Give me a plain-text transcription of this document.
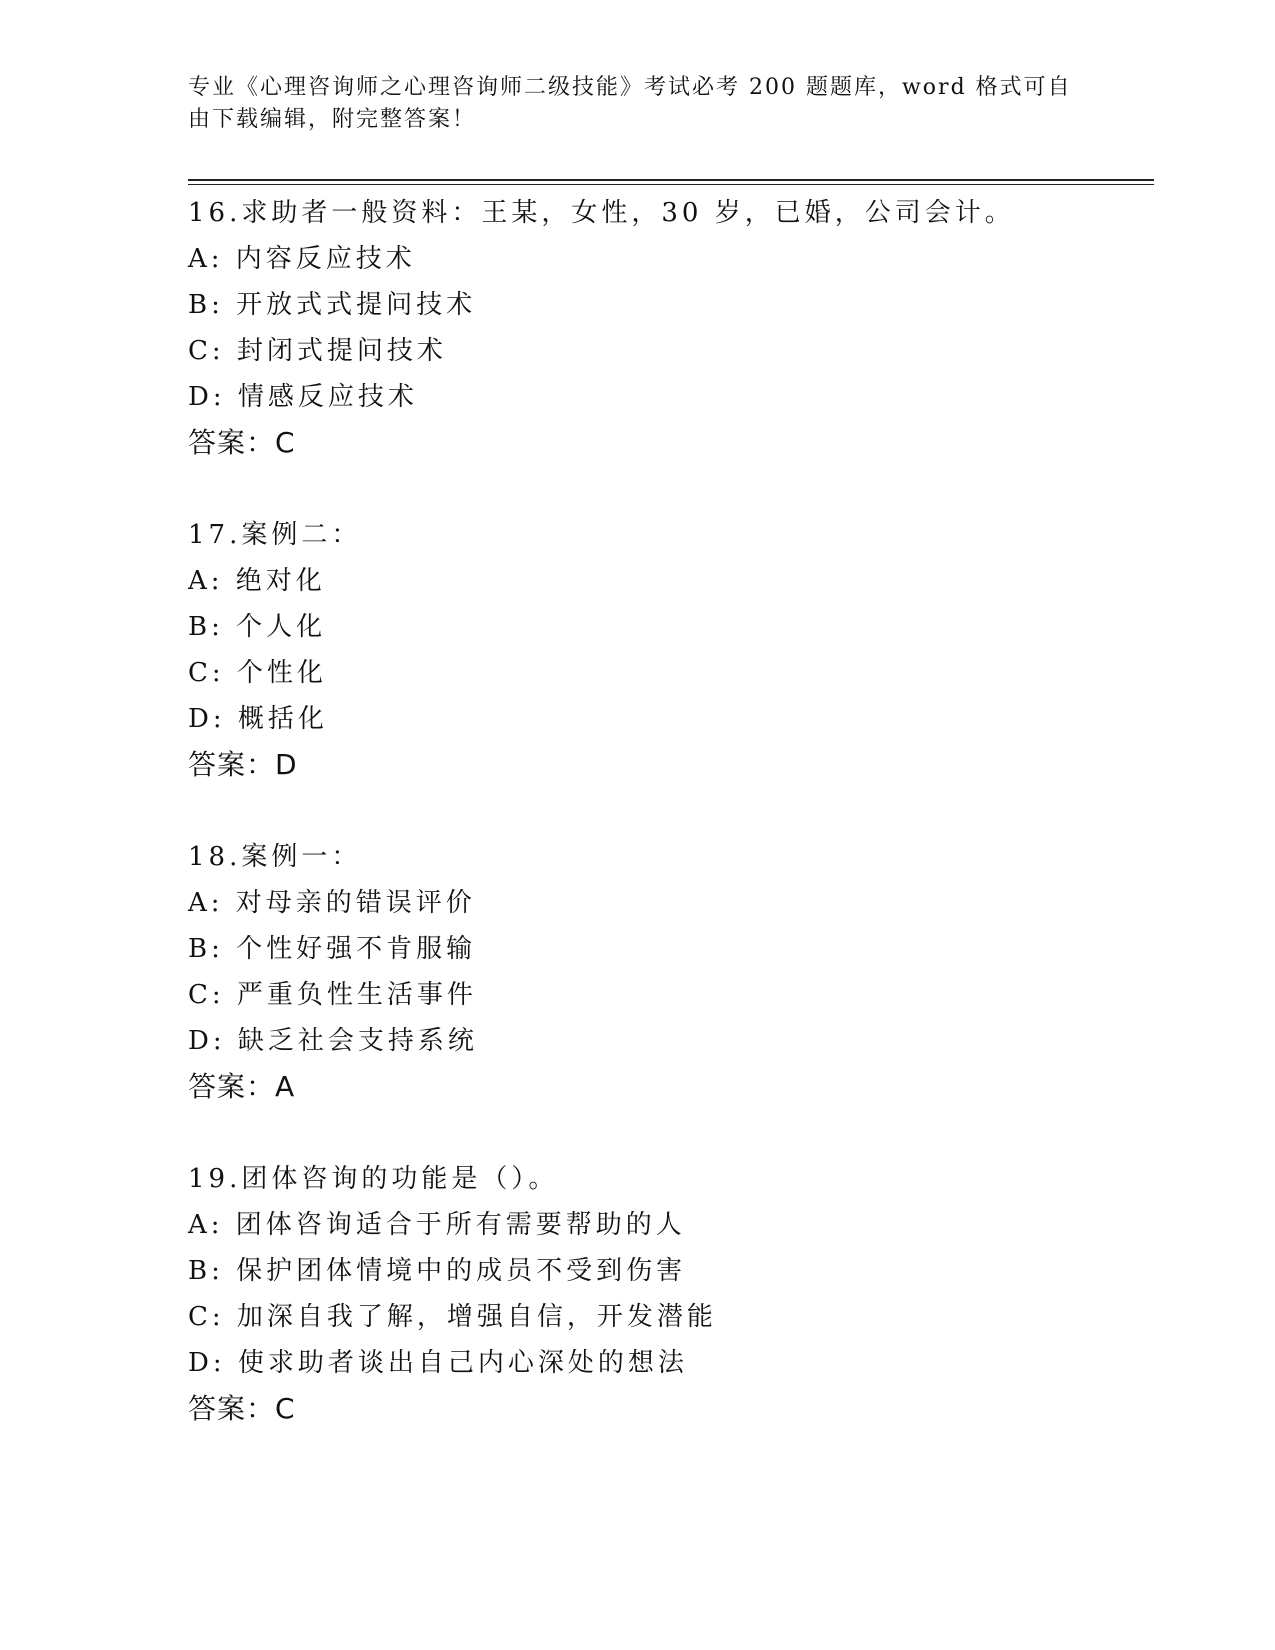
专业《心理咨询师之心理咨询师二级技能》考试必考 200 题题库，word 格式可自
由下载编辑，附完整答案！
16.求助者一般资料：王某，女性，30 岁，已婚，公司会计。
A: 内容反应技术
B: 开放式式提问技术
C: 封闭式提问技术
D: 情感反应技术
答案：C
17.案例二：
A: 绝对化
B: 个人化
C: 个性化
D: 概括化
答案：D
18.案例一：
A: 对母亲的错误评价
B: 个性好强不肯服输
C: 严重负性生活事件
D: 缺乏社会支持系统
答案：A
19.团体咨询的功能是（）。
A: 团体咨询适合于所有需要帮助的人
B: 保护团体情境中的成员不受到伤害
C: 加深自我了解，增强自信，开发潜能
D: 使求助者谈出自己内心深处的想法
答案：C
